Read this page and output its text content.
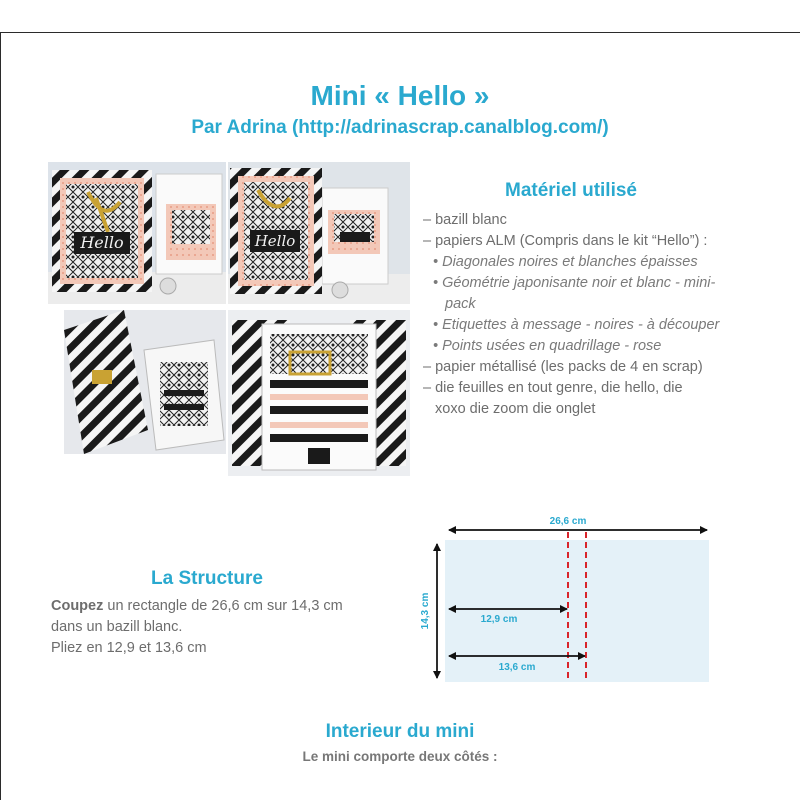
Mini « Hello »
Par Adrina (http://adrinascrap.canalblog.com/)
Hello	Hello
Matériel utilisé
– bazill blanc
– papiers ALM (Compris dans le kit “Hello”) :
• Diagonales noires et blanches épaisses
• Géométrie japonisante noir et blanc - mini-
pack
• Etiquettes à message - noires - à découper
• Points usées en quadrillage - rose
– papier métallisé (les packs de 4 en scrap)
– die feuilles en tout genre, die hello, die
xoxo die zoom die onglet
La Structure
Coupez un rectangle de 26,6 cm sur 14,3 cm
dans un bazill blanc.
Pliez en 12,9 et 13,6 cm
26,6 cm
14,3 cm	12,9 cm
13,6 cm
Interieur du mini
Le mini comporte deux côtés :
